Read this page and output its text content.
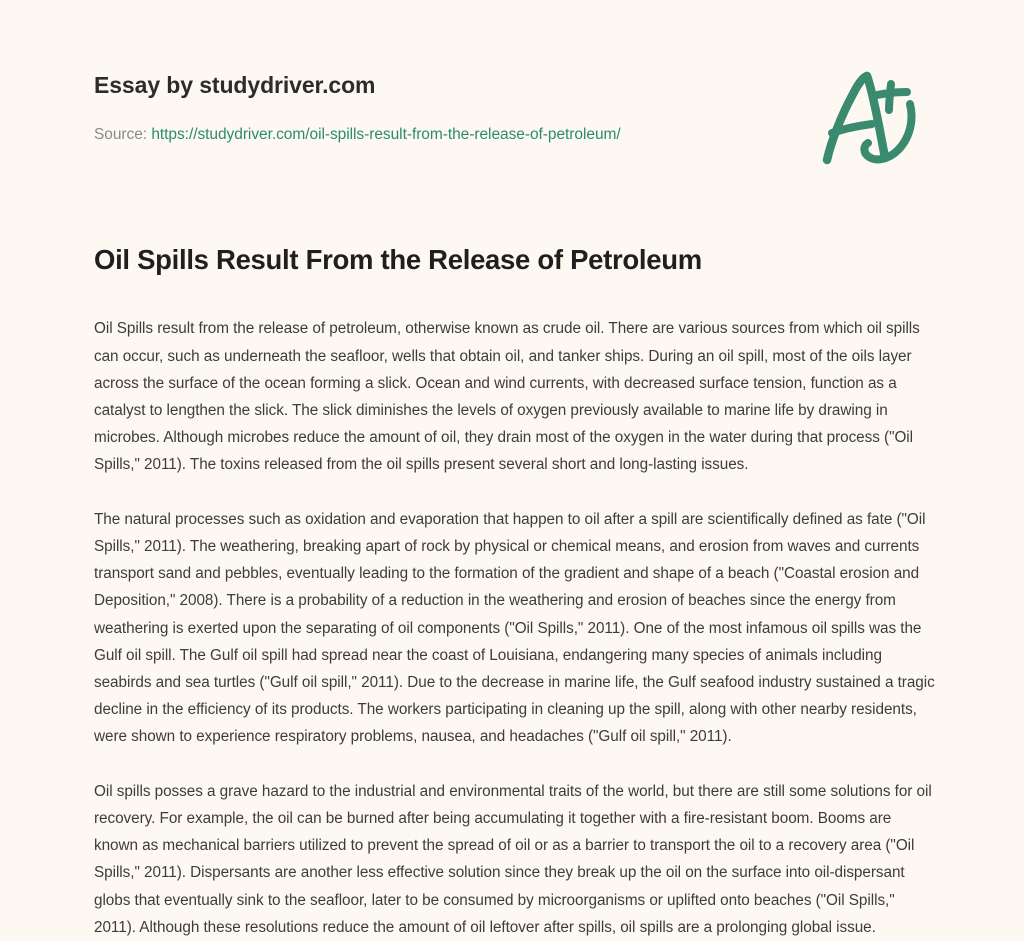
Essay by studydriver.com
Source: https://studydriver.com/oil-spills-result-from-the-release-of-petroleum/
Oil Spills Result From the Release of Petroleum

Oil Spills result from the release of petroleum, otherwise known as crude oil. There are various sources from which oil spills can occur, such as underneath the seafloor, wells that obtain oil, and tanker ships. During an oil spill, most of the oils layer across the surface of the ocean forming a slick. Ocean and wind currents, with decreased surface tension, function as a catalyst to lengthen the slick. The slick diminishes the levels of oxygen previously available to marine life by drawing in microbes. Although microbes reduce the amount of oil, they drain most of the oxygen in the water during that process ("Oil Spills," 2011). The toxins released from the oil spills present several short and long-lasting issues.

The natural processes such as oxidation and evaporation that happen to oil after a spill are scientifically defined as fate ("Oil Spills," 2011). The weathering, breaking apart of rock by physical or chemical means, and erosion from waves and currents transport sand and pebbles, eventually leading to the formation of the gradient and shape of a beach ("Coastal erosion and Deposition," 2008). There is a probability of a reduction in the weathering and erosion of beaches since the energy from weathering is exerted upon the separating of oil components ("Oil Spills," 2011). One of the most infamous oil spills was the Gulf oil spill. The Gulf oil spill had spread near the coast of Louisiana, endangering many species of animals including seabirds and sea turtles ("Gulf oil spill," 2011). Due to the decrease in marine life, the Gulf seafood industry sustained a tragic decline in the efficiency of its products. The workers participating in cleaning up the spill, along with other nearby residents, were shown to experience respiratory problems, nausea, and headaches ("Gulf oil spill," 2011).

Oil spills posses a grave hazard to the industrial and environmental traits of the world, but there are still some solutions for oil recovery. For example, the oil can be burned after being accumulating it together with a fire-resistant boom. Booms are known as mechanical barriers utilized to prevent the spread of oil or as a barrier to transport the oil to a recovery area ("Oil Spills," 2011). Dispersants are another less effective solution since they break up the oil on the surface into oil-dispersant globs that eventually sink to the seafloor, later to be consumed by microorganisms or uplifted onto beaches ("Oil Spills," 2011). Although these resolutions reduce the amount of oil leftover after spills, oil spills are a prolonging global issue.
